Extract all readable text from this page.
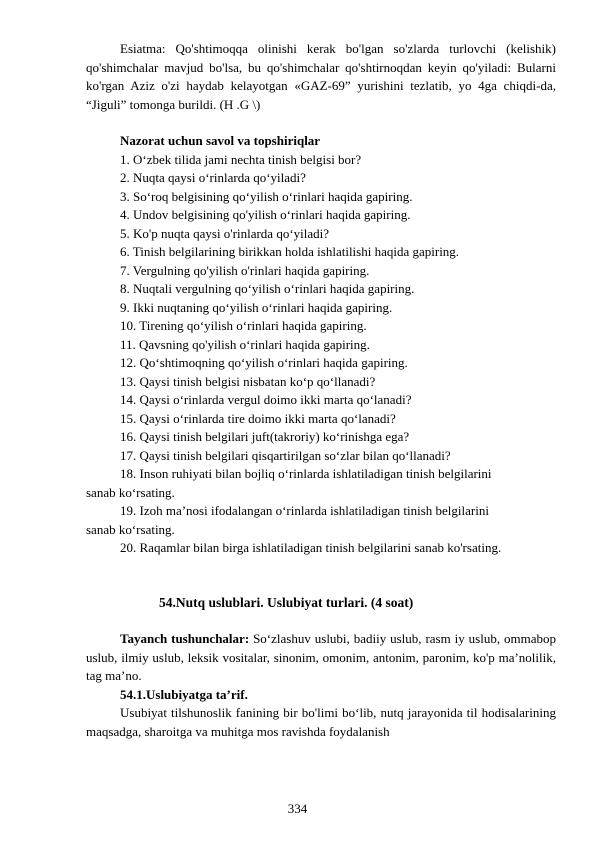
Esiatma: Qo'shtimoqqa olinishi kerak bo'lgan so'zlarda turlovchi (kelishik) qo'shimchalar mavjud bo'lsa, bu qo'shimchalar qo'shtirnoqdan keyin qo'yiladi: Bularni ko'rgan Aziz o'zi haydab kelayotgan «GAZ-69” yurishini tezlatib, yo 4ga chiqdi-da, “Jiguli” tomonga burildi. (H .G \)

Nazorat uchun savol va topshiriqlar

1. O‘zbek tilida jami nechta tinish belgisi bor?

2. Nuqta qaysi o‘rinlarda qo‘yiladi?

3. So‘roq belgisining qo‘yilish o‘rinlari haqida gapiring.

4. Undov belgisining qo'yilish o‘rinlari haqida gapiring.

5. Ko'p nuqta qaysi o'rinlarda qo‘yiladi?

6. Tinish belgilarining birikkan holda ishlatilishi haqida gapiring.

7. Vergulning qo'yilish o'rinlari haqida gapiring.

8. Nuqtali vergulning qo‘yilish o‘rinlari haqida gapiring.

9. Ikki nuqtaning qo‘yilish o‘rinlari haqida gapiring.

10. Tirening qo‘yilish o‘rinlari haqida gapiring.

11. Qavsning qo'yilish o‘rinlari haqida gapiring.

12. Qo‘shtimoqning qo‘yilish o‘rinlari haqida gapiring.

13. Qaysi tinish belgisi nisbatan ko‘p qo‘llanadi?

14. Qaysi o‘rinlarda vergul doimo ikki marta qo‘lanadi?

15. Qaysi o‘rinlarda tire doimo ikki marta qo‘lanadi?

16. Qaysi tinish belgilari juft(takroriy) ko‘rinishga ega?

17. Qaysi tinish belgilari qisqartirilgan so‘zlar bilan qo‘llanadi?

18. Inson ruhiyati bilan bojliq o‘rinlarda ishlatiladigan tinish belgilarini
sanab ko‘rsating.

19. Izoh ma’nosi ifodalangan o‘rinlarda ishlatiladigan tinish belgilarini
sanab ko‘rsating.

20. Raqamlar bilan birga ishlatiladigan tinish belgilarini sanab ko'rsating.

54.Nutq uslublari. Uslubiyat turlari. (4 soat)

Tayanch tushunchalar: So‘zlashuv uslubi, badiiy uslub, rasm iy uslub, ommabop uslub, ilmiy uslub, leksik vositalar, sinonim, omonim, antonim, paronim, ko'p ma’nolilik, tag ma’no.

54.1.Uslubiyatga ta’rif.

Usubiyat tilshunoslik fanining bir bo'limi bo‘lib, nutq jarayonida til hodisalarining maqsadga, sharoitga va muhitga mos ravishda foydalanish

334
